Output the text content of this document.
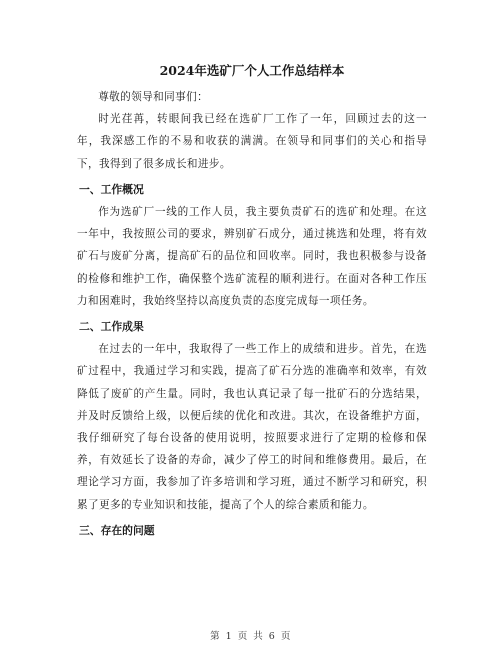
2024年选矿厂个人工作总结样本

尊敬的领导和同事们：

时光荏苒，转眼间我已经在选矿厂工作了一年，回顾过去的这一年，我深感工作的不易和收获的满满。在领导和同事们的关心和指导下，我得到了很多成长和进步。

一、工作概况

作为选矿厂一线的工作人员，我主要负责矿石的选矿和处理。在这一年中，我按照公司的要求，辨别矿石成分，通过挑选和处理，将有效矿石与废矿分离，提高矿石的品位和回收率。同时，我也积极参与设备的检修和维护工作，确保整个选矿流程的顺利进行。在面对各种工作压力和困难时，我始终坚持以高度负责的态度完成每一项任务。

二、工作成果

在过去的一年中，我取得了一些工作上的成绩和进步。首先，在选矿过程中，我通过学习和实践，提高了矿石分选的准确率和效率，有效降低了废矿的产生量。同时，我也认真记录了每一批矿石的分选结果，并及时反馈给上级，以便后续的优化和改进。其次，在设备维护方面，我仔细研究了每台设备的使用说明，按照要求进行了定期的检修和保养，有效延长了设备的寿命，减少了停工的时间和维修费用。最后，在理论学习方面，我参加了许多培训和学习班，通过不断学习和研究，积累了更多的专业知识和技能，提高了个人的综合素质和能力。

三、存在的问题
第 1 页 共 6 页
